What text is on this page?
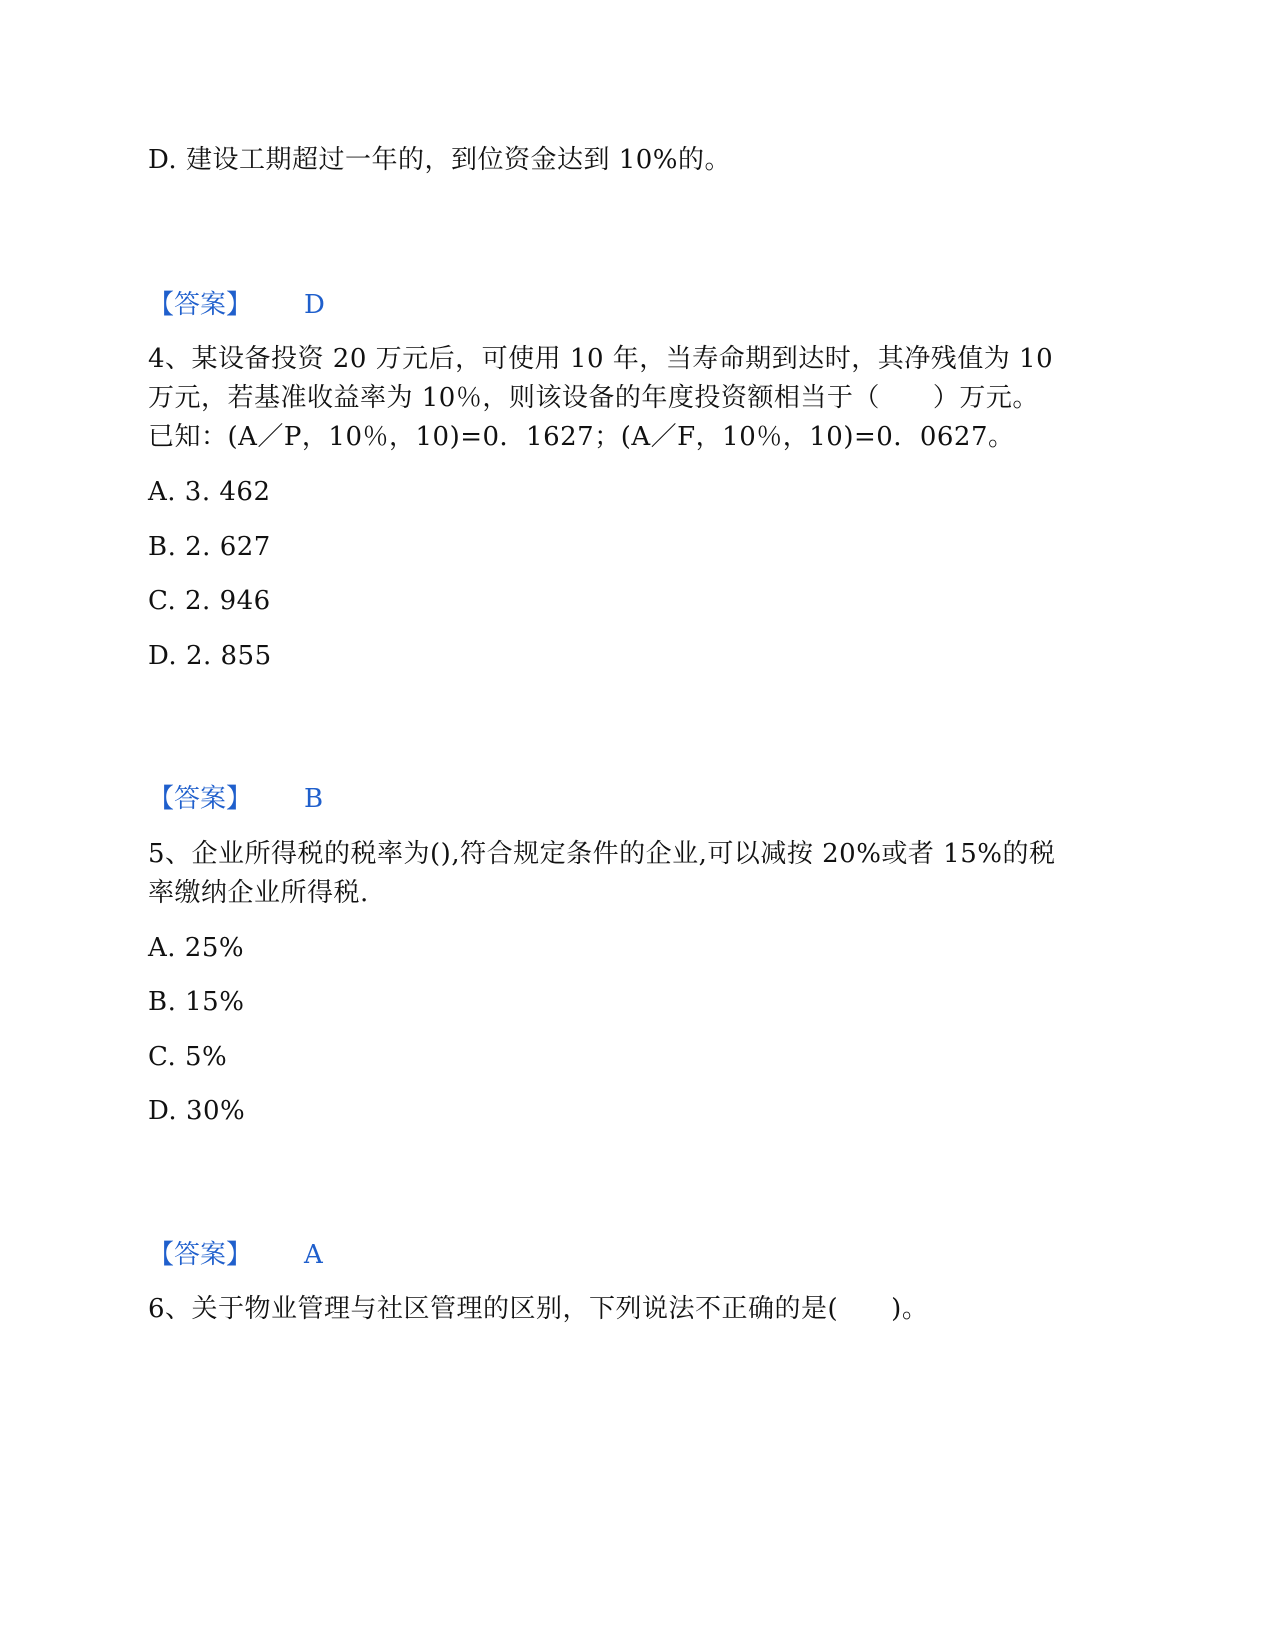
D. 建设工期超过一年的，到位资金达到 10%的。
【答案】 D
4、某设备投资 20 万元后，可使用 10 年，当寿命期到达时，其净残值为 10
万元，若基准收益率为 10％，则该设备的年度投资额相当于（　　）万元。
已知：(A／P，10％，10)=0．1627；(A／F，10％，10)=0．0627。
A. 3. 462
B. 2. 627
C. 2. 946
D. 2. 855
【答案】 B
5、企业所得税的税率为(),符合规定条件的企业,可以减按 20%或者 15%的税
率缴纳企业所得税.
A. 25%
B. 15%
C. 5%
D. 30%
【答案】 A
6、关于物业管理与社区管理的区别，下列说法不正确的是(　　)。
